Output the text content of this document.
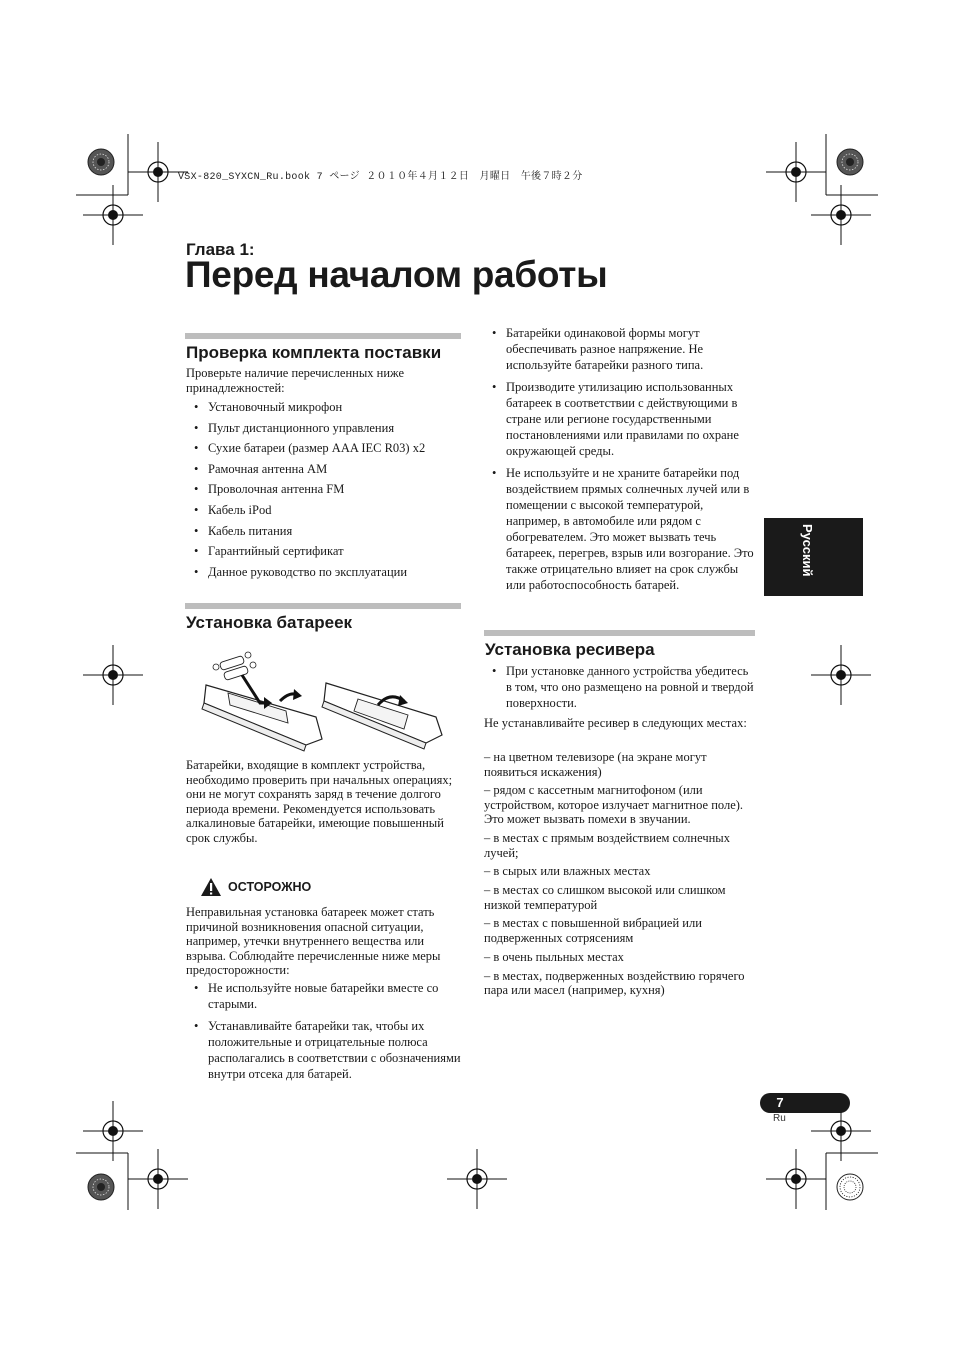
VSX-820_SYXCN_Ru.book 7 ページ ２０１０年４月１２日　月曜日　午後７時２分
Глава 1:
Перед началом работы
Проверка комплекта поставки
Проверьте наличие перечисленных ниже принадлежностей:
• Установочный микрофон
• Пульт дистанционного управления
• Сухие батареи (размер AAA IEC R03) x2
• Рамочная антенна AM
• Проволочная антенна FM
• Кабель iPod
• Кабель питания
• Гарантийный сертификат
• Данное руководство по эксплуатации
Установка батареек
Батарейки, входящие в комплект устройства, необходимо проверить при начальных операциях; они не могут сохранять заряд в течение долгого периода времени. Рекомендуется использовать алкалиновые батарейки, имеющие повышенный срок службы.
ОСТОРОЖНО
Неправильная установка батареек может стать причиной возникновения опасной ситуации, например, утечки внутреннего вещества или взрыва. Соблюдайте перечисленные ниже меры предосторожности:
• Не используйте новые батарейки вместе со старыми.
• Устанавливайте батарейки так, чтобы их положительные и отрицательные полюса располагались в соответствии с обозначениями внутри отсека для батарей.
• Батарейки одинаковой формы могут обеспечивать разное напряжение. Не используйте батарейки разного типа.
• Производите утилизацию использованных батареек в соответствии с действующими в стране или регионе государственными постановлениями или правилами по охране окружающей среды.
• Не используйте и не храните батарейки под воздействием прямых солнечных лучей или в помещении с высокой температурой, например, в автомобиле или рядом с обогревателем. Это может вызвать течь батареек, перегрев, взрыв или возгорание. Это также отрицательно влияет на срок службы или работоспособность батарей.
Установка ресивера
• При установке данного устройства убедитесь в том, что оно размещено на ровной и твердой поверхности.
Не устанавливайте ресивер в следующих местах:

– на цветном телевизоре (на экране могут появиться искажения)

– рядом с кассетным магнитофоном (или устройством, которое излучает магнитное поле). Это может вызвать помехи в звучании.

– в местах с прямым воздействием солнечных лучей;

– в сырых или влажных местах

– в местах со слишком высокой или слишком низкой температурой

– в местах с повышенной вибрацией или подверженных сотрясениям

– в очень пыльных местах

– в местах, подверженных воздействию горячего пара или масел (например, кухня)

Русский
7
Ru
